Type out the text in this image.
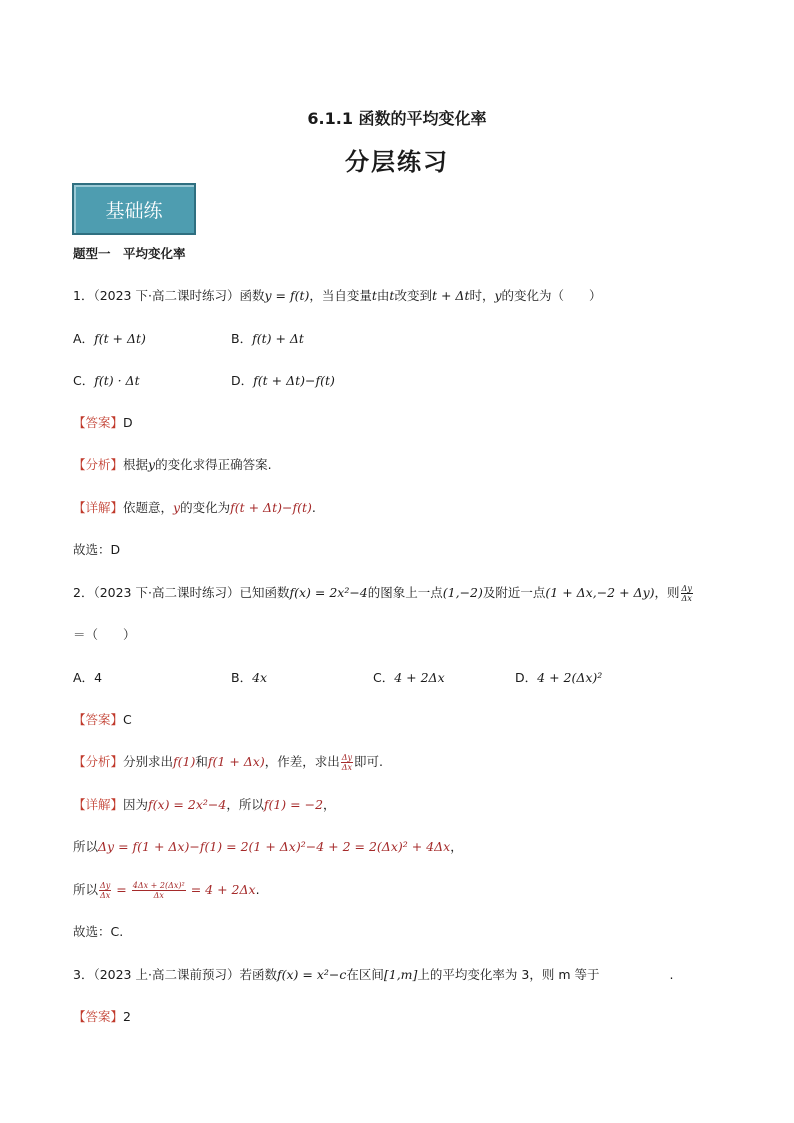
6.1.1 函数的平均变化率
分层练习
基础练
题型一　平均变化率
1．（2023 下·高二课时练习）函数y = f(t)，当自变量t由t改变到t + Δt时，y的变化为（　　）
A．f(t + Δt)	B．f(t) + Δt
C．f(t) · Δt	D．f(t + Δt)−f(t)
【答案】D
【分析】根据y的变化求得正确答案.
【详解】依题意，y的变化为f(t + Δt)−f(t).
故选：D
2．（2023 下·高二课时练习）已知函数f(x) = 2x²−4的图象上一点(1,−2)及附近一点(1 + Δx,−2 + Δy)，则 $\frac{\Delta y}{\Delta x}$
＝（　　）
A．4	B．4x	C．4 + 2Δx	D．4 + 2(Δx)²
【答案】C
【分析】分别求出f(1)和f(1 + Δx)，作差，求出 $\frac{\Delta y}{\Delta x}$ 即可.
【详解】因为f(x) = 2x²−4，所以f(1) = −2，
所以Δy = f(1 + Δx)−f(1) = 2(1 + Δx)²−4 + 2 = 2(Δx)² + 4Δx，
所以 $\frac{\Delta y}{\Delta x} = \frac{\text{4Δx + 2(Δx)²}}{\Delta x} = 4 + 2\Delta x$.
故选：C.
3．（2023 上·高二课前预习）若函数f(x) = x²−c在区间[1,m]上的平均变化率为 3，则 m 等于	.
【答案】2
